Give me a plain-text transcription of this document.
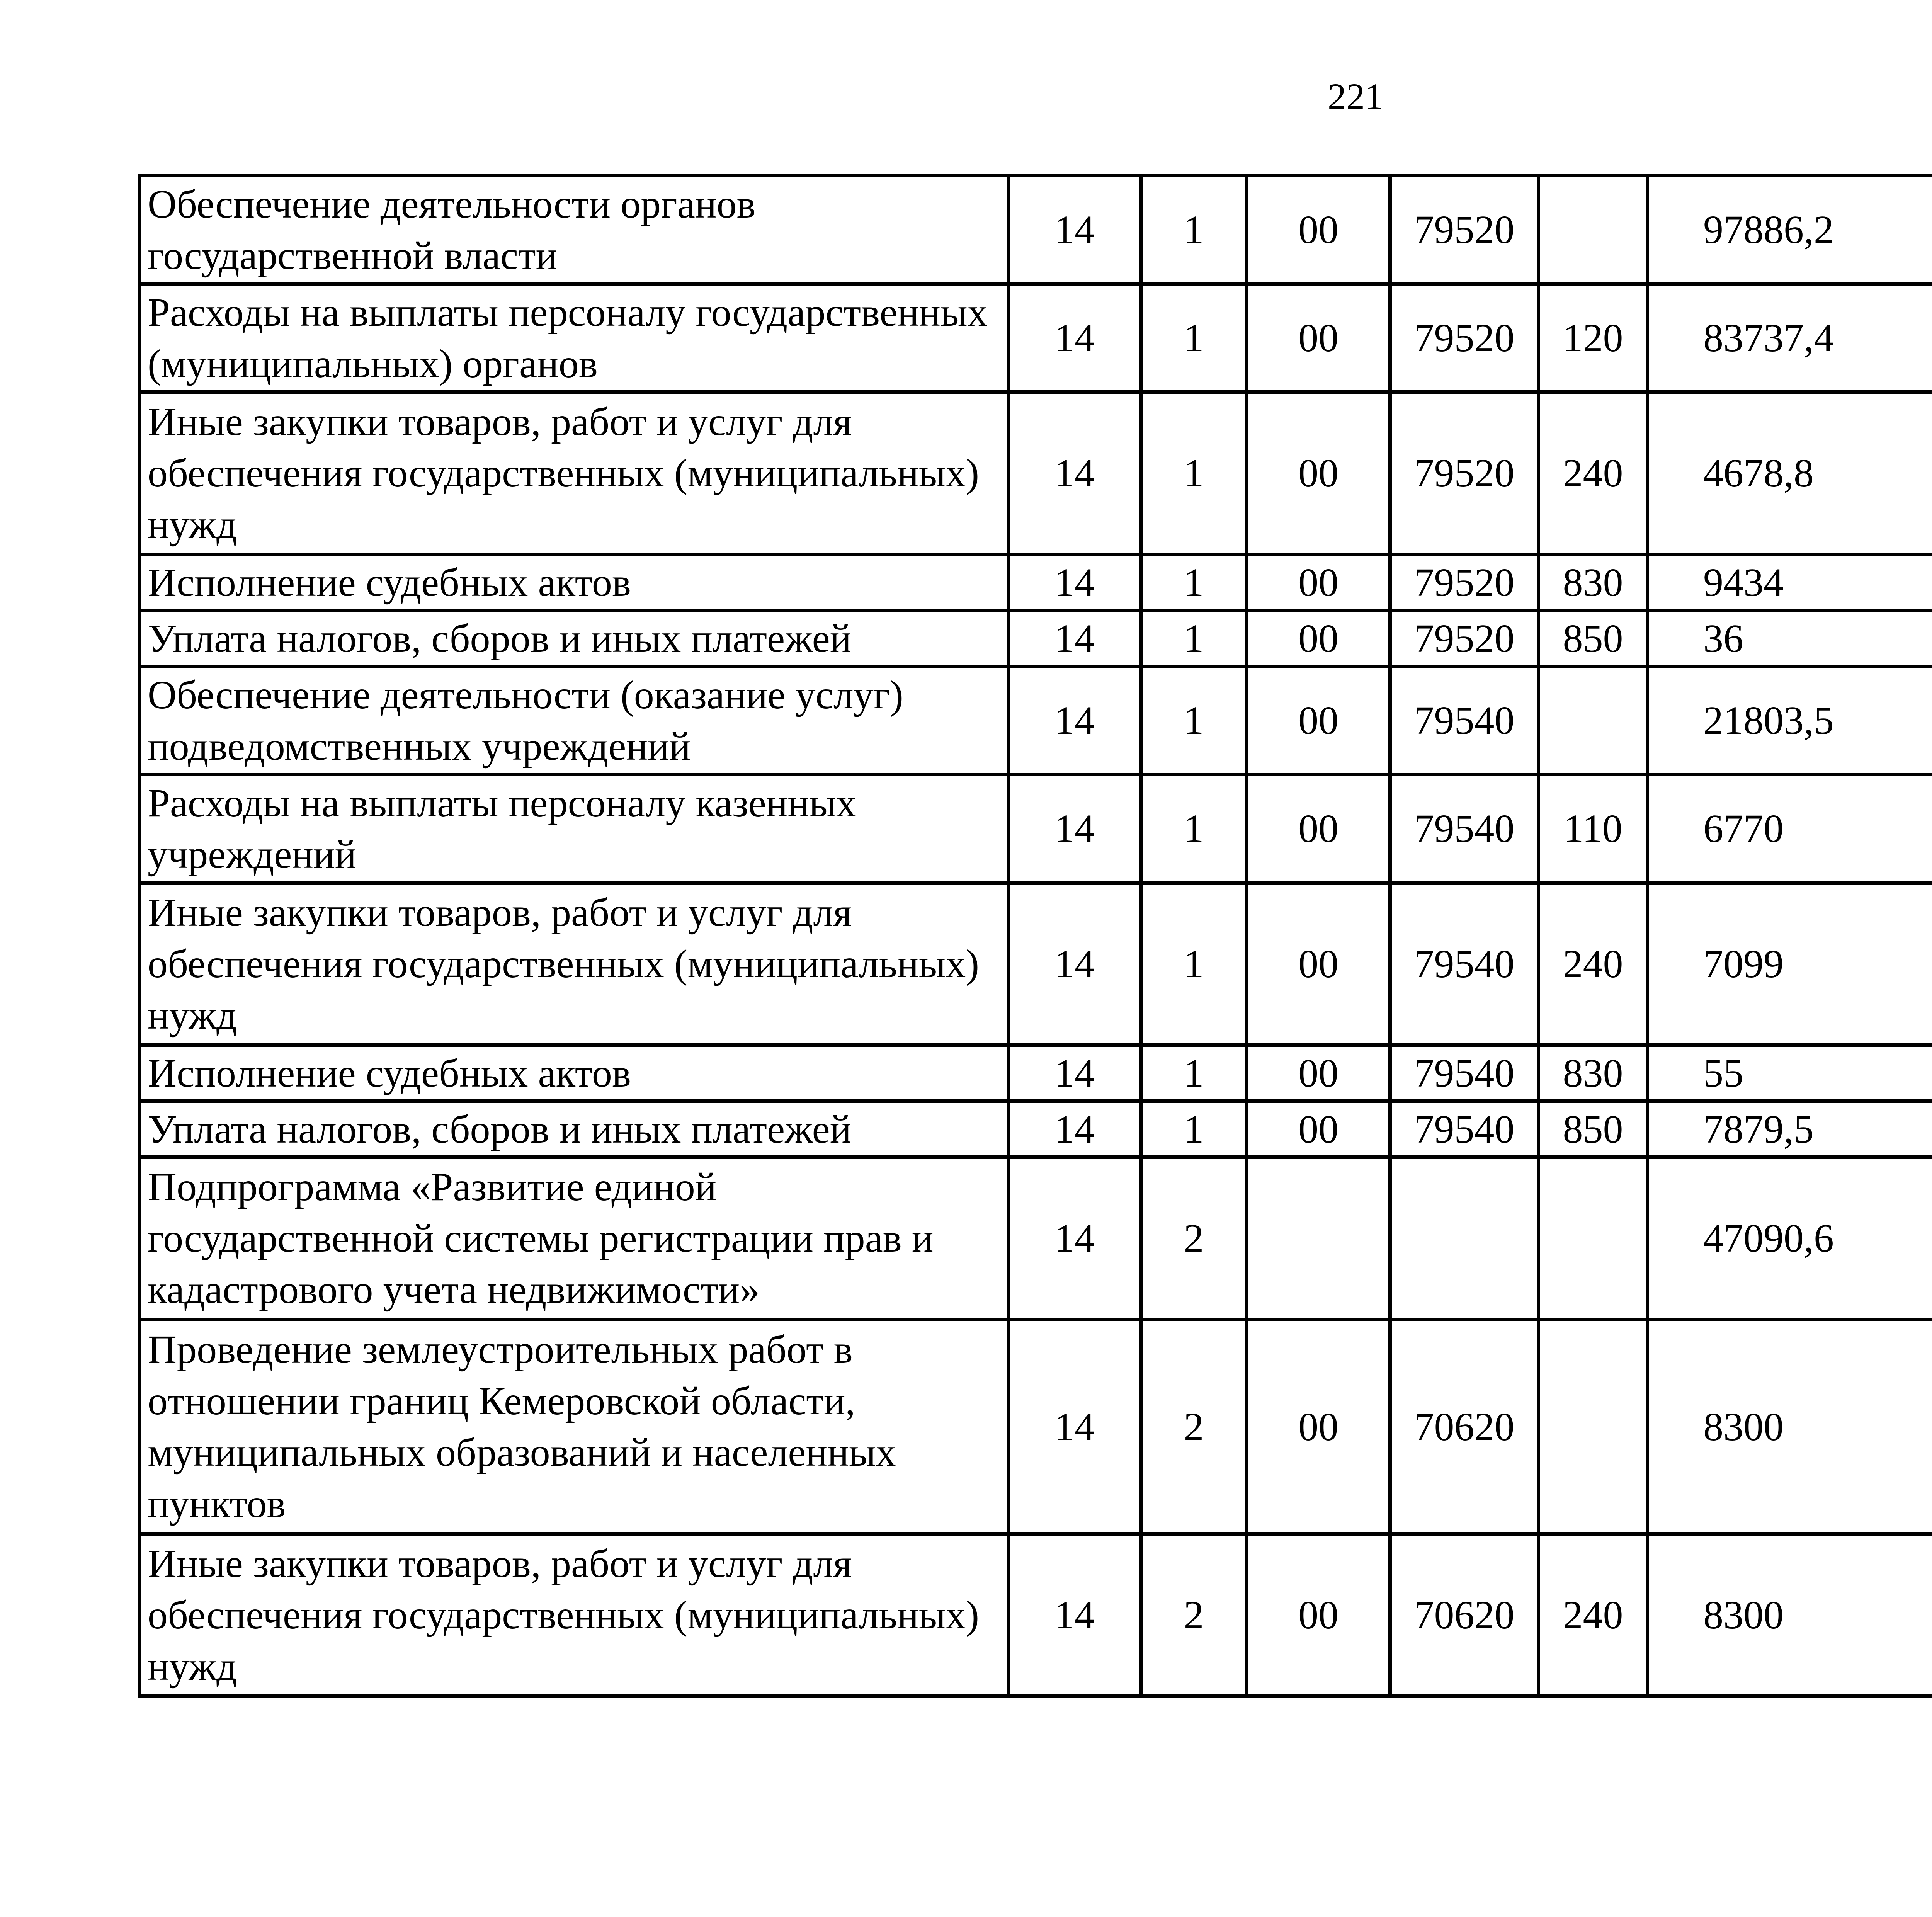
221
Обеспечение деятельности органов государственной власти	14	1	00	79520		97886,2		
Расходы на выплаты персоналу государственных (муниципальных) органов	14	1	00	79520	120	83737,4		
Иные закупки товаров, работ и услуг для обеспечения государственных (муниципальных) нужд	14	1	00	79520	240	4678,8		
Исполнение судебных актов	14	1	00	79520	830	9434		
Уплата налогов, сборов и иных платежей	14	1	00	79520	850	36		
Обеспечение деятельности (оказание услуг) подведомственных учреждений	14	1	00	79540		21803,5		
Расходы на выплаты персоналу казенных учреждений	14	1	00	79540	110	6770		
Иные закупки товаров, работ и услуг для обеспечения государственных (муниципальных) нужд	14	1	00	79540	240	7099		
Исполнение судебных актов	14	1	00	79540	830	55		
Уплата налогов, сборов и иных платежей	14	1	00	79540	850	7879,5		
Подпрограмма «Развитие единой государственной системы регистрации прав и кадастрового учета недвижимости»	14	2				47090,6		
Проведение землеустроительных работ в отношении границ Кемеровской области, муниципальных образований и населенных пунктов	14	2	00	70620		8300		
Иные закупки товаров, работ и услуг для обеспечения государственных (муниципальных) нужд	14	2	00	70620	240	8300		
